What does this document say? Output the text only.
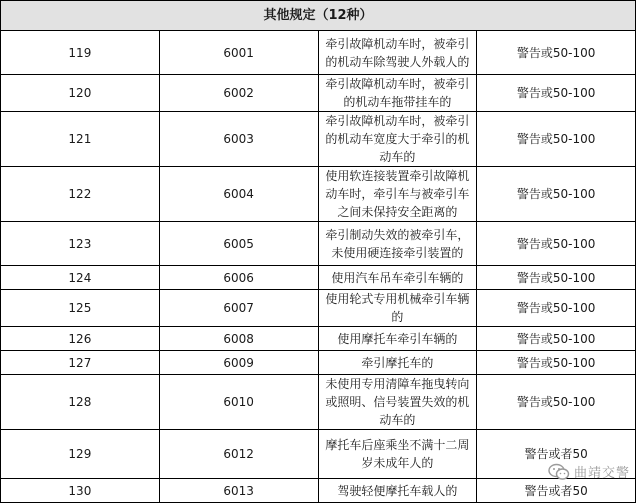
其他规定（12种）			
119	6001	牵引故障机动车时，被牵引的机动车除驾驶人外载人的	警告或50-100
120	6002	牵引故障机动车时，被牵引的机动车拖带挂车的	警告或50-100
121	6003	牵引故障机动车时，被牵引的机动车宽度大于牵引的机动车的	警告或50-100
122	6004	使用软连接装置牵引故障机动车时，牵引车与被牵引车之间未保持安全距离的	警告或50-100
123	6005	牵引制动失效的被牵引车，未使用硬连接牵引装置的	警告或50-100
124	6006	使用汽车吊车牵引车辆的	警告或50-100
125	6007	使用轮式专用机械牵引车辆的	警告或50-100
126	6008	使用摩托车牵引车辆的	警告或50-100
127	6009	牵引摩托车的	警告或50-100
128	6010	未使用专用清障车拖曳转向或照明、信号装置失效的机动车的	警告或50-100
129	6012	摩托车后座乘坐不满十二周岁未成年人的	警告或者50
130	6013	驾驶轻便摩托车载人的	警告或者50
曲靖交警
